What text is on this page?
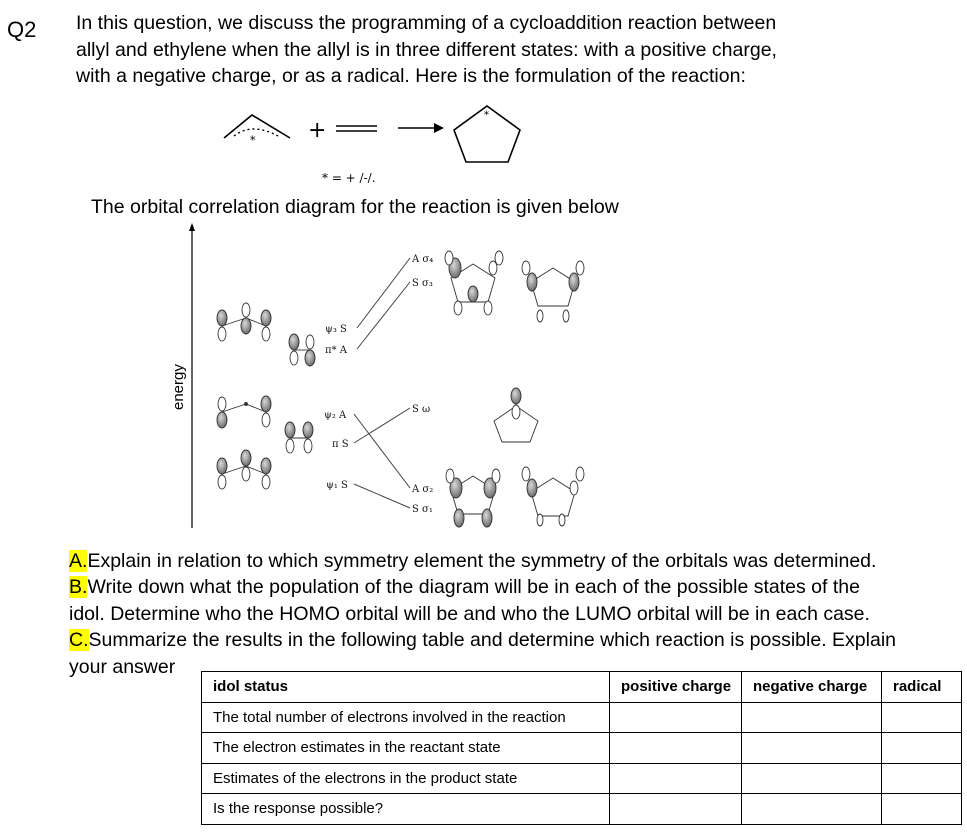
Q2 In this question, we discuss the programming of a cycloaddition reaction between

allyl and ethylene when the allyl is in three different states: with a positive charge,

with a negative charge, or as a radical. Here is the formulation of the reaction:

* +
*
* = + /-/.
The orbital correlation diagram for the reaction is given below
energy
ψ₃ S
π* A
ψ₂ A
π S
ψ₁ S
A σ₄
S σ₃
S ω
A σ₂
S σ₁

A.Explain in relation to which symmetry element the symmetry of the orbitals was determined.

B.Write down what the population of the diagram will be in each of the possible states of the

idol. Determine who the HOMO orbital will be and who the LUMO orbital will be in each case.

C.Summarize the results in the following table and determine which reaction is possible. Explain

your answer

idol status	positive charge	negative charge	radical
The total number of electrons involved in the reaction			
The electron estimates in the reactant state			
Estimates of the electrons in the product state			
Is the response possible?			
